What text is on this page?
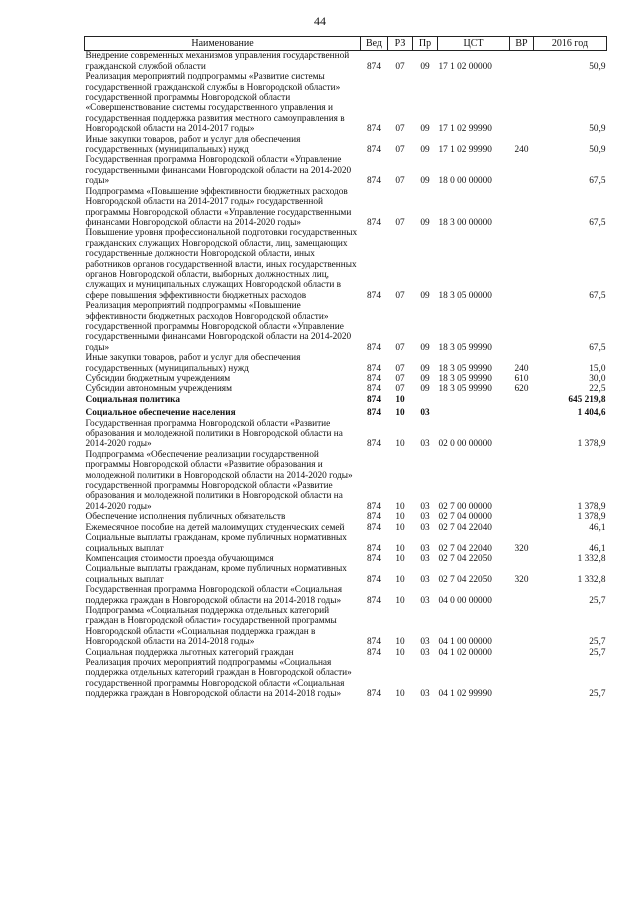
44
Наименование	Вед	РЗ	Пр	ЦСТ	ВР	2016 год
Внедрение современных механизмов управления государственной гражданской службой области	874	07	09	17 1 02 00000		50,9
Реализация мероприятий подпрограммы «Развитие системы государственной гражданской службы в Новгородской области» государственной программы Новгородской области «Совершенствование системы государственного управления и государственная поддержка развития местного самоуправления в Новгородской области на 2014-2017 годы»	874	07	09	17 1 02 99990		50,9
Иные закупки товаров, работ и услуг для обеспечения государственных (муниципальных) нужд	874	07	09	17 1 02 99990	240	50,9
Государственная программа Новгородской области «Управление государственными финансами Новгородской области на 2014-2020 годы»	874	07	09	18 0 00 00000		67,5
Подпрограмма «Повышение эффективности бюджетных расходов Новгородской области на 2014-2017 годы» государственной программы Новгородской области «Управление государственными финансами Новгородской области на 2014-2020 годы»	874	07	09	18 3 00 00000		67,5
Повышение уровня профессиональной подготовки государственных гражданских служащих Новгородской области, лиц, замещающих государственные должности Новгородской области, иных работников органов государственной власти, иных государственных органов Новгородской области, выборных должностных лиц, служащих и муниципальных служащих Новгородской области в сфере повышения эффективности бюджетных расходов	874	07	09	18 3 05 00000		67,5
Реализация мероприятий подпрограммы «Повышение эффективности бюджетных расходов Новгородской области» государственной программы Новгородской области «Управление государственными финансами Новгородской области на 2014-2020 годы»	874	07	09	18 3 05 99990		67,5
Иные закупки товаров, работ и услуг для обеспечения государственных (муниципальных) нужд	874	07	09	18 3 05 99990	240	15,0
Субсидии бюджетным учреждениям	874	07	09	18 3 05 99990	610	30,0
Субсидии автономным учреждениям	874	07	09	18 3 05 99990	620	22,5
Социальная политика	874	10				645 219,8
Социальное обеспечение населения	874	10	03			1 404,6
Государственная программа Новгородской области «Развитие образования и молодежной политики в Новгородской области на 2014-2020 годы»	874	10	03	02 0 00 00000		1 378,9
Подпрограмма «Обеспечение реализации государственной программы Новгородской области «Развитие образования и молодежной политики в Новгородской области на 2014-2020 годы» государственной программы Новгородской области «Развитие образования и молодежной политики в Новгородской области на 2014-2020 годы»	874	10	03	02 7 00 00000		1 378,9
Обеспечение исполнения публичных обязательств	874	10	03	02 7 04 00000		1 378,9
Ежемесячное пособие на детей малоимущих студенческих семей	874	10	03	02 7 04 22040		46,1
Социальные выплаты гражданам, кроме публичных нормативных социальных выплат	874	10	03	02 7 04 22040	320	46,1
Компенсация стоимости проезда обучающимся	874	10	03	02 7 04 22050		1 332,8
Социальные выплаты гражданам, кроме публичных нормативных социальных выплат	874	10	03	02 7 04 22050	320	1 332,8
Государственная программа Новгородской области «Социальная поддержка граждан в Новгородской области на 2014-2018 годы»	874	10	03	04 0 00 00000		25,7
Подпрограмма «Социальная поддержка отдельных категорий граждан в Новгородской области» государственной программы Новгородской области «Социальная поддержка граждан в Новгородской области на 2014-2018 годы»	874	10	03	04 1 00 00000		25,7
Социальная поддержка льготных категорий граждан	874	10	03	04 1 02 00000		25,7
Реализация прочих мероприятий подпрограммы «Социальная поддержка отдельных категорий граждан в Новгородской области» государственной программы Новгородской области «Социальная поддержка граждан в Новгородской области на 2014-2018 годы»	874	10	03	04 1 02 99990		25,7
